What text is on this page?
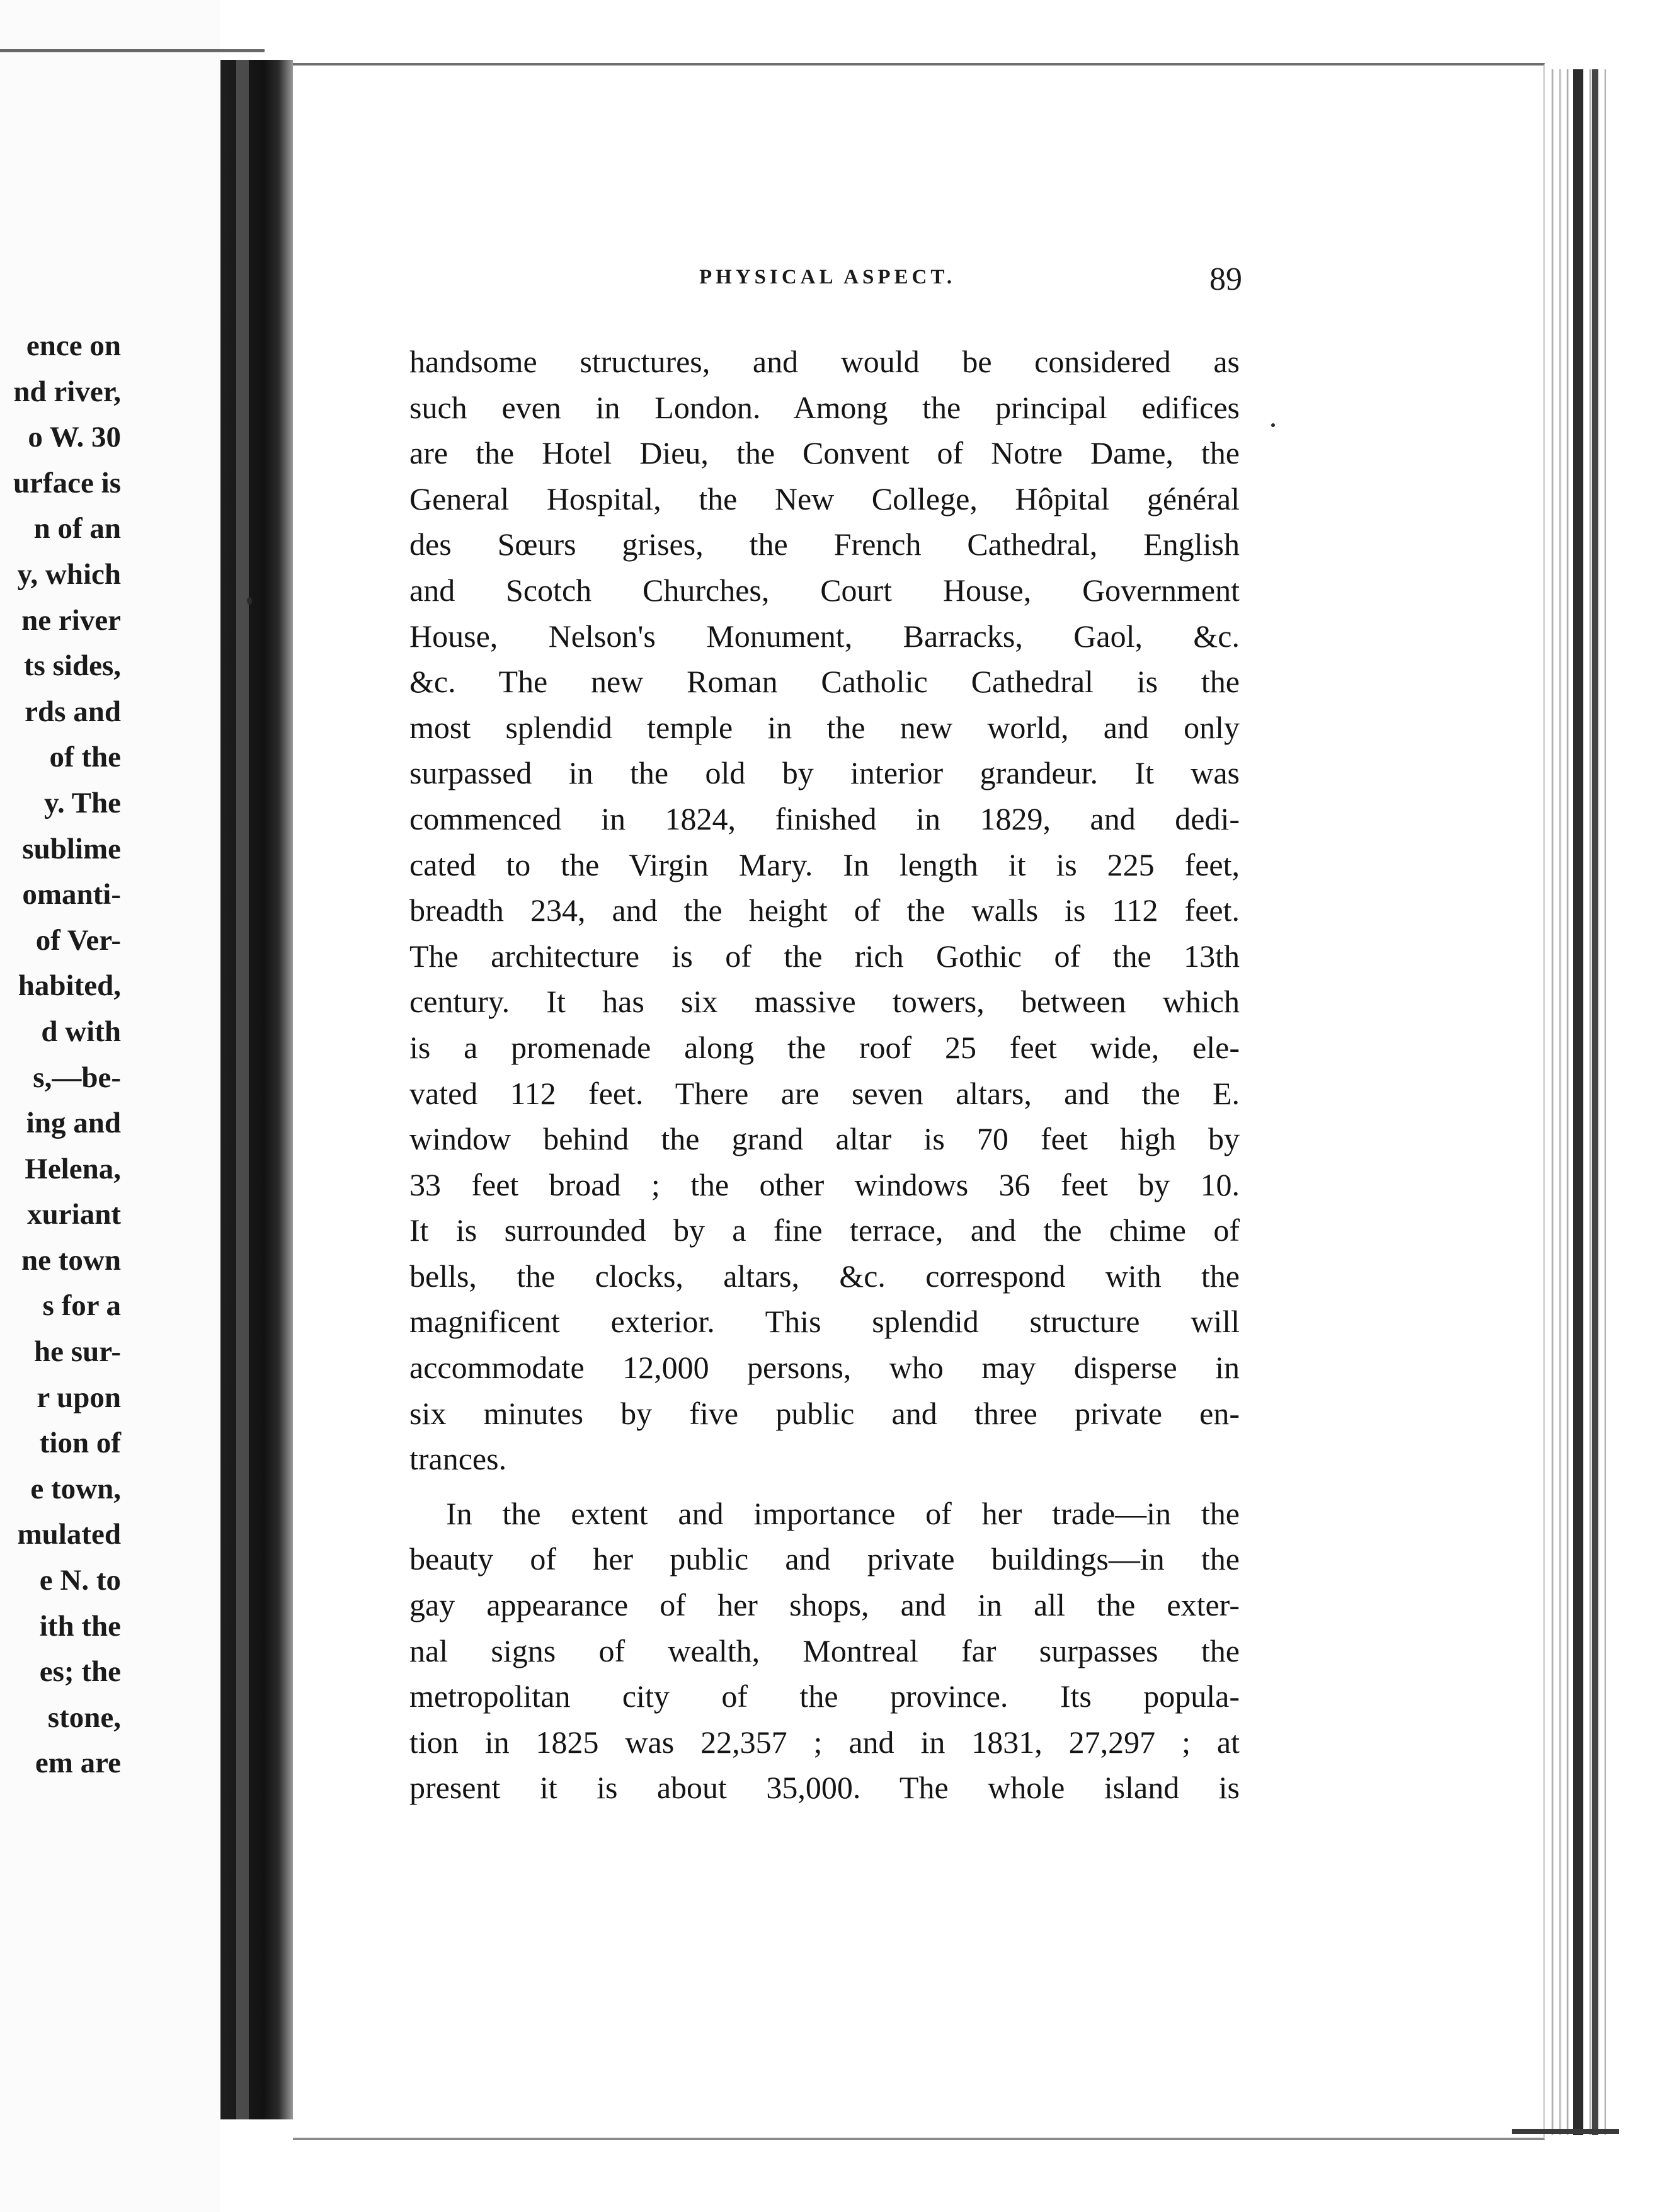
ence on
nd river,
o W. 30
urface is
n of an
y, which
ne river
ts sides,
rds and
of the
y. The
sublime
omanti-
of Ver-
habited,
d with
s,—be-
ing and
Helena,
xuriant
ne town
s for a
he sur-
r upon
tion of
e town,
mulated
e N. to
ith the
es; the
stone,
em are
PHYSICAL ASPECT.	89
handsome structures, and would be considered as
such even in London. Among the principal edifices
are the Hotel Dieu, the Convent of Notre Dame, the
General Hospital, the New College, Hôpital général
des Sœurs grises, the French Cathedral, English
and Scotch Churches, Court House, Government
House, Nelson's Monument, Barracks, Gaol, &c.
&c. The new Roman Catholic Cathedral is the
most splendid temple in the new world, and only
surpassed in the old by interior grandeur. It was
commenced in 1824, finished in 1829, and dedi-
cated to the Virgin Mary. In length it is 225 feet,
breadth 234, and the height of the walls is 112 feet.
The architecture is of the rich Gothic of the 13th
century. It has six massive towers, between which
is a promenade along the roof 25 feet wide, ele-
vated 112 feet. There are seven altars, and the E.
window behind the grand altar is 70 feet high by
33 feet broad ; the other windows 36 feet by 10.
It is surrounded by a fine terrace, and the chime of
bells, the clocks, altars, &c. correspond with the
magnificent exterior. This splendid structure will
accommodate 12,000 persons, who may disperse in
six minutes by five public and three private en-
trances.
In the extent and importance of her trade—in the
beauty of her public and private buildings—in the
gay appearance of her shops, and in all the exter-
nal signs of wealth, Montreal far surpasses the
metropolitan city of the province. Its popula-
tion in 1825 was 22,357 ; and in 1831, 27,297 ; at
present it is about 35,000. The whole island is
